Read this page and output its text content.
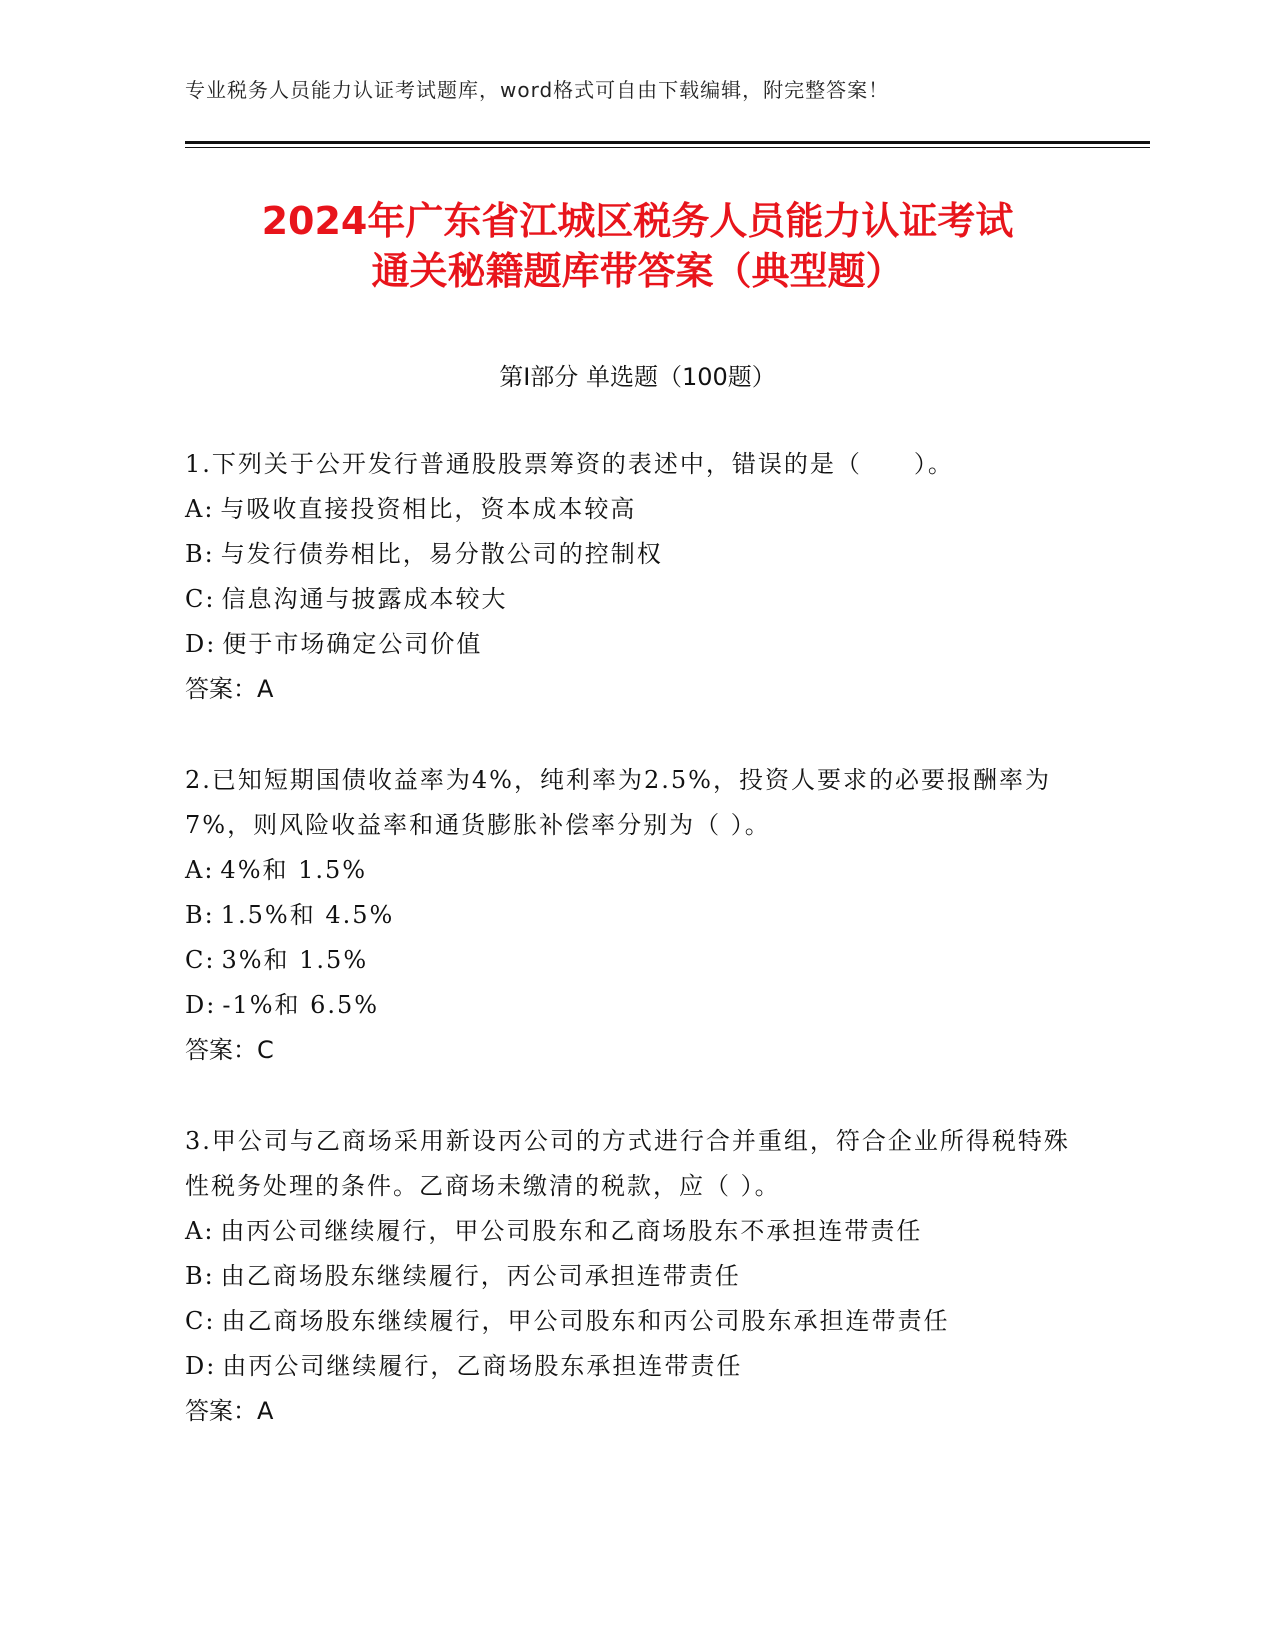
专业税务人员能力认证考试题库，word格式可自由下载编辑，附完整答案！
2024年广东省江城区税务人员能力认证考试
通关秘籍题库带答案（典型题）
第Ⅰ部分 单选题（100题）

1.下列关于公开发行普通股股票筹资的表述中，错误的是（　　）。

A: 与吸收直接投资相比，资本成本较高
B: 与发行债券相比，易分散公司的控制权
C: 信息沟通与披露成本较大
D: 便于市场确定公司价值
答案：A

2.已知短期国债收益率为4%，纯利率为2.5%，投资人要求的必要报酬率为7%，则风险收益率和通货膨胀补偿率分别为（ ）。

A: 4%和 1.5%
B: 1.5%和 4.5%
C: 3%和 1.5%
D: -1%和 6.5%
答案：C

3.甲公司与乙商场采用新设丙公司的方式进行合并重组，符合企业所得税特殊性税务处理的条件。乙商场未缴清的税款，应（ ）。

A: 由丙公司继续履行，甲公司股东和乙商场股东不承担连带责任
B: 由乙商场股东继续履行，丙公司承担连带责任
C: 由乙商场股东继续履行，甲公司股东和丙公司股东承担连带责任
D: 由丙公司继续履行，乙商场股东承担连带责任
答案：A
